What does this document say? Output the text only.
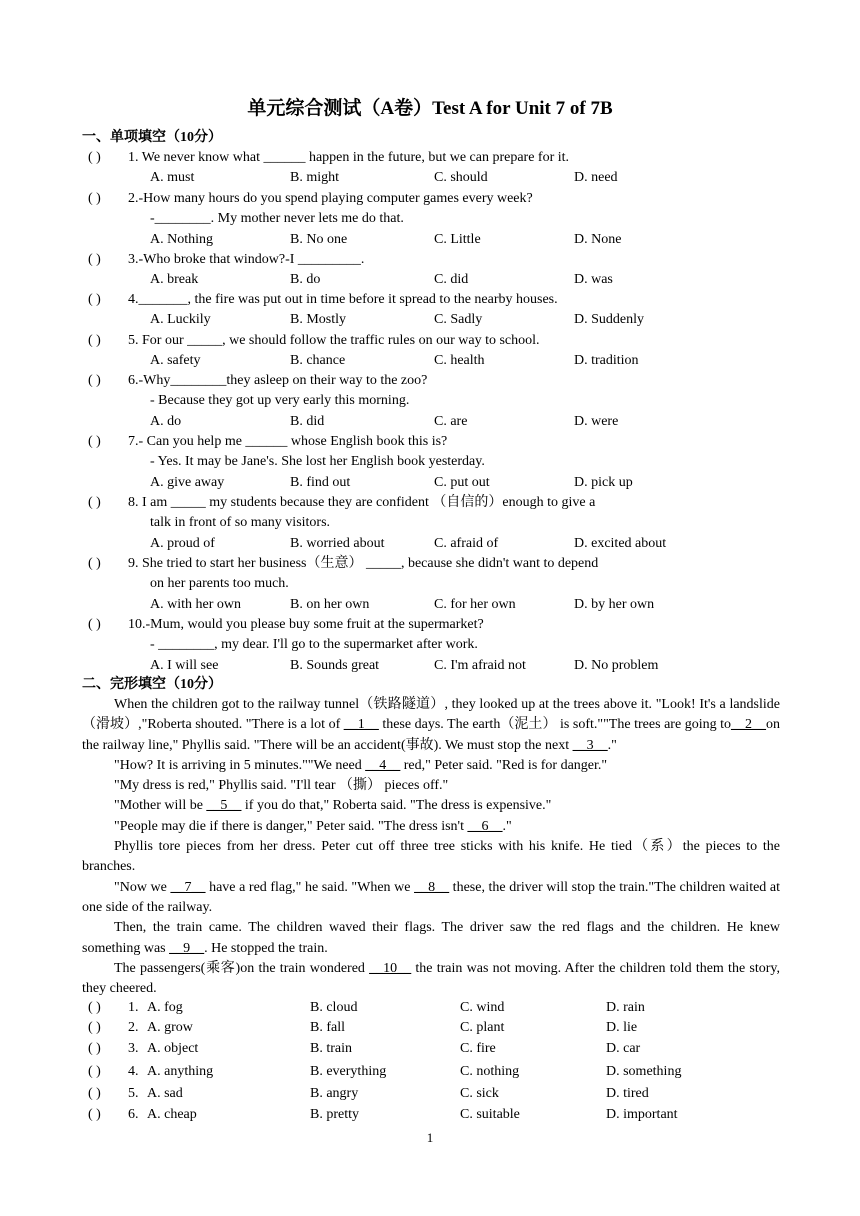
单元综合测试（A卷）Test A for Unit 7 of 7B
一、单项填空（10分）
( ) 1. We never know what ______ happen in the future, but we can prepare for it.
A. must	B. might	C. should	D. need
( ) 2.-How many hours do you spend playing computer games every week?
-________. My mother never lets me do that.
A. Nothing	B. No one	C. Little	D. None
( ) 3.-Who broke that window?-I _________.
A. break	B. do	C. did	D. was
( ) 4._______, the fire was put out in time before it spread to the nearby houses.
A. Luckily	B. Mostly	C. Sadly	D. Suddenly
( ) 5. For our _____, we should follow the traffic rules on our way to school.
A. safety	B. chance	C. health	D. tradition
( ) 6.-Why________they asleep on their way to the zoo?
- Because they got up very early this morning.
A. do	B. did	C. are	D. were
( ) 7.- Can you help me ______ whose English book this is?
- Yes. It may be Jane's. She lost her English book yesterday.
A. give away	B. find out	C. put out	D. pick up
( ) 8. I am _____ my students because they are confident （自信的）enough to give a
talk in front of so many visitors.
A. proud of	B. worried about	C. afraid of	D. excited about
( ) 9. She tried to start her business（生意） _____, because she didn't want to depend
on her parents too much.
A. with her own	B. on her own	C. for her own	D. by her own
( ) 10.-Mum, would you please buy some fruit at the supermarket?
- ________, my dear. I'll go to the supermarket after work.
A. I will see	B. Sounds great	C. I'm afraid not	D. No problem
二、完形填空（10分）

When the children got to the railway tunnel（铁路隧道）, they looked up at the trees above it. "Look! It's a landslide（滑坡）,"Roberta shouted. "There is a lot of __1__ these days. The earth（泥土） is soft.""The trees are going to__2__on the railway line," Phyllis said. "There will be an accident(事故). We must stop the next __3__."

"How? It is arriving in 5 minutes.""We need __4__ red," Peter said. "Red is for danger."

"My dress is red," Phyllis said. "I'll tear （撕） pieces off."

"Mother will be __5__ if you do that," Roberta said. "The dress is expensive."

"People may die if there is danger," Peter said. "The dress isn't __6__."

Phyllis tore pieces from her dress. Peter cut off three tree sticks with his knife. He tied（系）the pieces to the branches.

"Now we __7__ have a red flag," he said. "When we __8__ these, the driver will stop the train."The children waited at one side of the railway.

Then, the train came. The children waved their flags. The driver saw the red flags and the children. He knew something was __9__. He stopped the train.

The passengers(乘客)on the train wondered __10__ the train was not moving. After the children told them the story, they cheered.

( ) 1. A. fog	B. cloud	C. wind	D. rain
( ) 2. A. grow	B. fall	C. plant	D. lie
( ) 3. A. object	B. train	C. fire	D. car
( ) 4. A. anything	B. everything	C. nothing	D. something
( ) 5. A. sad	B. angry	C. sick	D. tired
( ) 6. A. cheap	B. pretty	C. suitable	D. important
1
